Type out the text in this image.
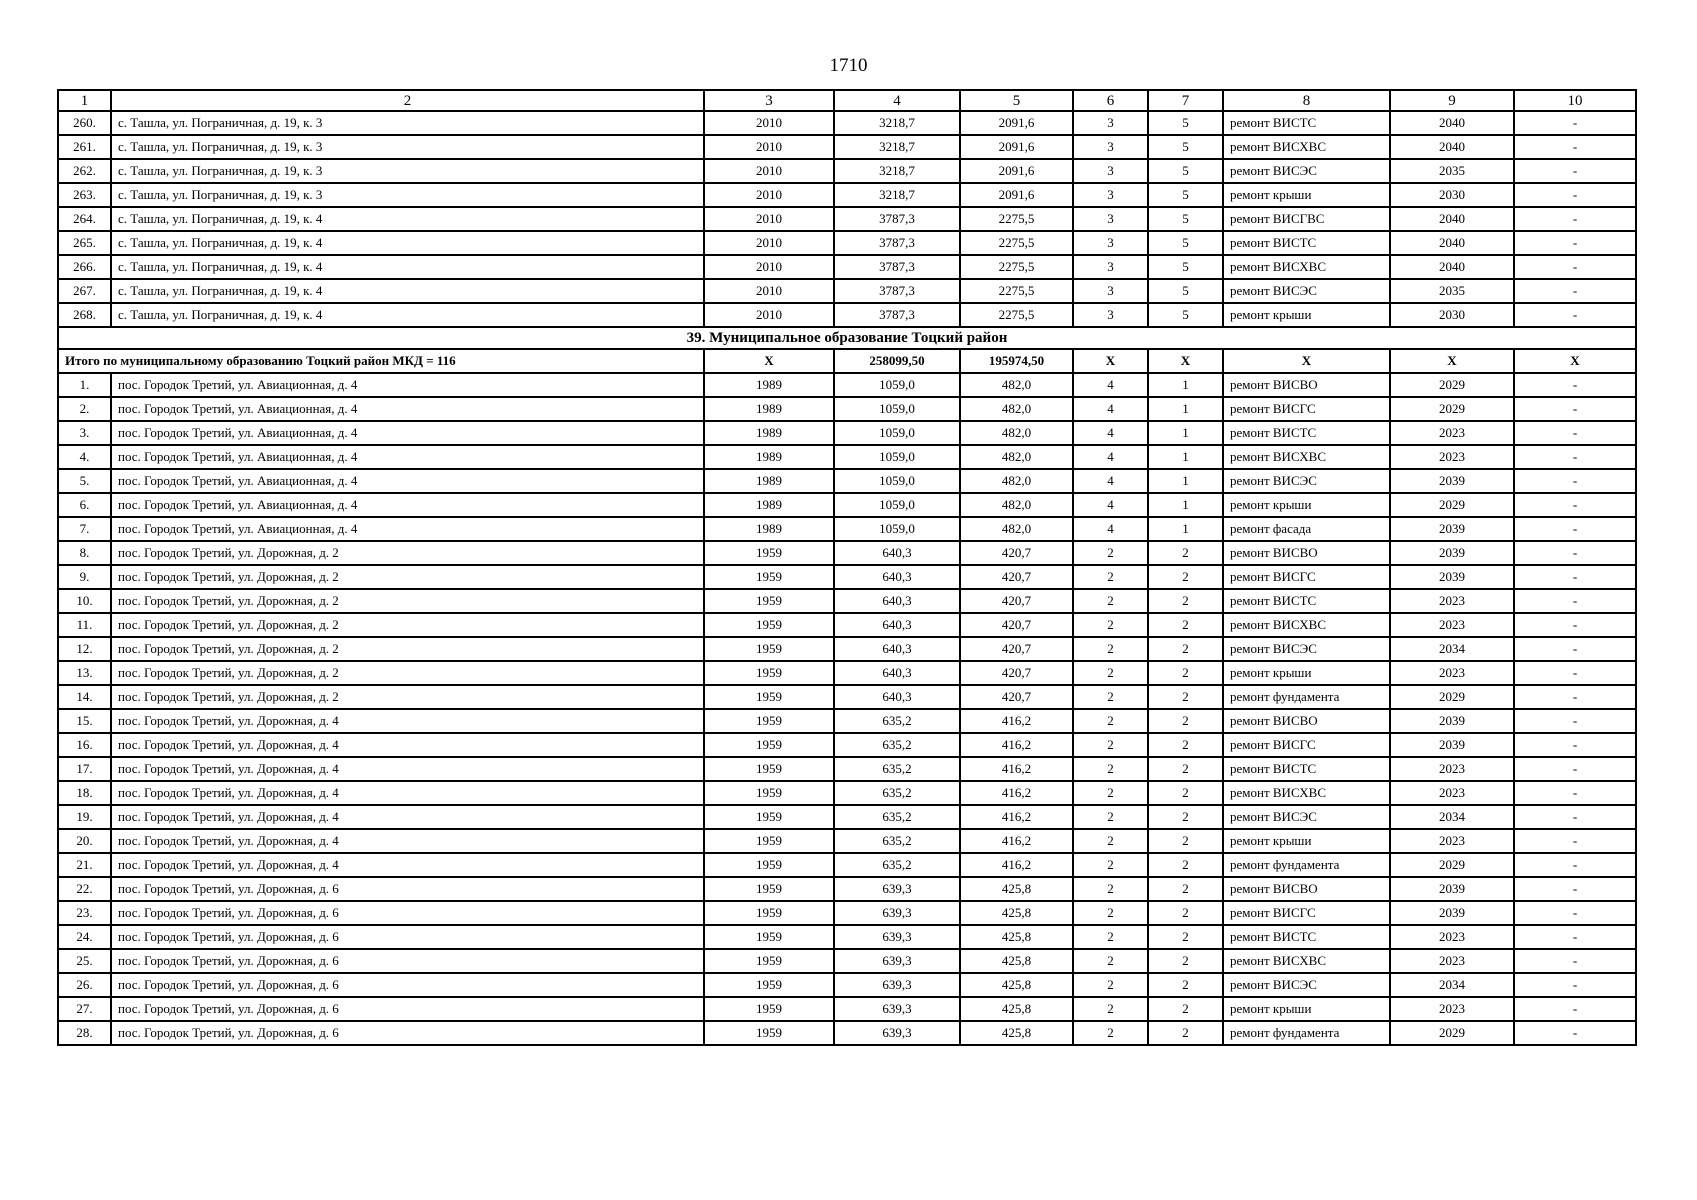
1710
1	2	3	4	5	6	7	8	9	10
260.	с. Ташла, ул. Пограничная, д. 19, к. 3	2010	3218,7	2091,6	3	5	ремонт ВИСТС	2040	-
261.	с. Ташла, ул. Пограничная, д. 19, к. 3	2010	3218,7	2091,6	3	5	ремонт ВИСХВС	2040	-
262.	с. Ташла, ул. Пограничная, д. 19, к. 3	2010	3218,7	2091,6	3	5	ремонт ВИСЭС	2035	-
263.	с. Ташла, ул. Пограничная, д. 19, к. 3	2010	3218,7	2091,6	3	5	ремонт крыши	2030	-
264.	с. Ташла, ул. Пограничная, д. 19, к. 4	2010	3787,3	2275,5	3	5	ремонт ВИСГВС	2040	-
265.	с. Ташла, ул. Пограничная, д. 19, к. 4	2010	3787,3	2275,5	3	5	ремонт ВИСТС	2040	-
266.	с. Ташла, ул. Пограничная, д. 19, к. 4	2010	3787,3	2275,5	3	5	ремонт ВИСХВС	2040	-
267.	с. Ташла, ул. Пограничная, д. 19, к. 4	2010	3787,3	2275,5	3	5	ремонт ВИСЭС	2035	-
268.	с. Ташла, ул. Пограничная, д. 19, к. 4	2010	3787,3	2275,5	3	5	ремонт крыши	2030	-
39. Муниципальное образование Тоцкий район									
Итого по муниципальному образованию Тоцкий район МКД = 116		X	258099,50	195974,50	X	X	X	X	X
1.	пос. Городок Третий, ул. Авиационная, д. 4	1989	1059,0	482,0	4	1	ремонт ВИСВО	2029	-
2.	пос. Городок Третий, ул. Авиационная, д. 4	1989	1059,0	482,0	4	1	ремонт ВИСГС	2029	-
3.	пос. Городок Третий, ул. Авиационная, д. 4	1989	1059,0	482,0	4	1	ремонт ВИСТС	2023	-
4.	пос. Городок Третий, ул. Авиационная, д. 4	1989	1059,0	482,0	4	1	ремонт ВИСХВС	2023	-
5.	пос. Городок Третий, ул. Авиационная, д. 4	1989	1059,0	482,0	4	1	ремонт ВИСЭС	2039	-
6.	пос. Городок Третий, ул. Авиационная, д. 4	1989	1059,0	482,0	4	1	ремонт крыши	2029	-
7.	пос. Городок Третий, ул. Авиационная, д. 4	1989	1059,0	482,0	4	1	ремонт фасада	2039	-
8.	пос. Городок Третий, ул. Дорожная, д. 2	1959	640,3	420,7	2	2	ремонт ВИСВО	2039	-
9.	пос. Городок Третий, ул. Дорожная, д. 2	1959	640,3	420,7	2	2	ремонт ВИСГС	2039	-
10.	пос. Городок Третий, ул. Дорожная, д. 2	1959	640,3	420,7	2	2	ремонт ВИСТС	2023	-
11.	пос. Городок Третий, ул. Дорожная, д. 2	1959	640,3	420,7	2	2	ремонт ВИСХВС	2023	-
12.	пос. Городок Третий, ул. Дорожная, д. 2	1959	640,3	420,7	2	2	ремонт ВИСЭС	2034	-
13.	пос. Городок Третий, ул. Дорожная, д. 2	1959	640,3	420,7	2	2	ремонт крыши	2023	-
14.	пос. Городок Третий, ул. Дорожная, д. 2	1959	640,3	420,7	2	2	ремонт фундамента	2029	-
15.	пос. Городок Третий, ул. Дорожная, д. 4	1959	635,2	416,2	2	2	ремонт ВИСВО	2039	-
16.	пос. Городок Третий, ул. Дорожная, д. 4	1959	635,2	416,2	2	2	ремонт ВИСГС	2039	-
17.	пос. Городок Третий, ул. Дорожная, д. 4	1959	635,2	416,2	2	2	ремонт ВИСТС	2023	-
18.	пос. Городок Третий, ул. Дорожная, д. 4	1959	635,2	416,2	2	2	ремонт ВИСХВС	2023	-
19.	пос. Городок Третий, ул. Дорожная, д. 4	1959	635,2	416,2	2	2	ремонт ВИСЭС	2034	-
20.	пос. Городок Третий, ул. Дорожная, д. 4	1959	635,2	416,2	2	2	ремонт крыши	2023	-
21.	пос. Городок Третий, ул. Дорожная, д. 4	1959	635,2	416,2	2	2	ремонт фундамента	2029	-
22.	пос. Городок Третий, ул. Дорожная, д. 6	1959	639,3	425,8	2	2	ремонт ВИСВО	2039	-
23.	пос. Городок Третий, ул. Дорожная, д. 6	1959	639,3	425,8	2	2	ремонт ВИСГС	2039	-
24.	пос. Городок Третий, ул. Дорожная, д. 6	1959	639,3	425,8	2	2	ремонт ВИСТС	2023	-
25.	пос. Городок Третий, ул. Дорожная, д. 6	1959	639,3	425,8	2	2	ремонт ВИСХВС	2023	-
26.	пос. Городок Третий, ул. Дорожная, д. 6	1959	639,3	425,8	2	2	ремонт ВИСЭС	2034	-
27.	пос. Городок Третий, ул. Дорожная, д. 6	1959	639,3	425,8	2	2	ремонт крыши	2023	-
28.	пос. Городок Третий, ул. Дорожная, д. 6	1959	639,3	425,8	2	2	ремонт фундамента	2029	-
